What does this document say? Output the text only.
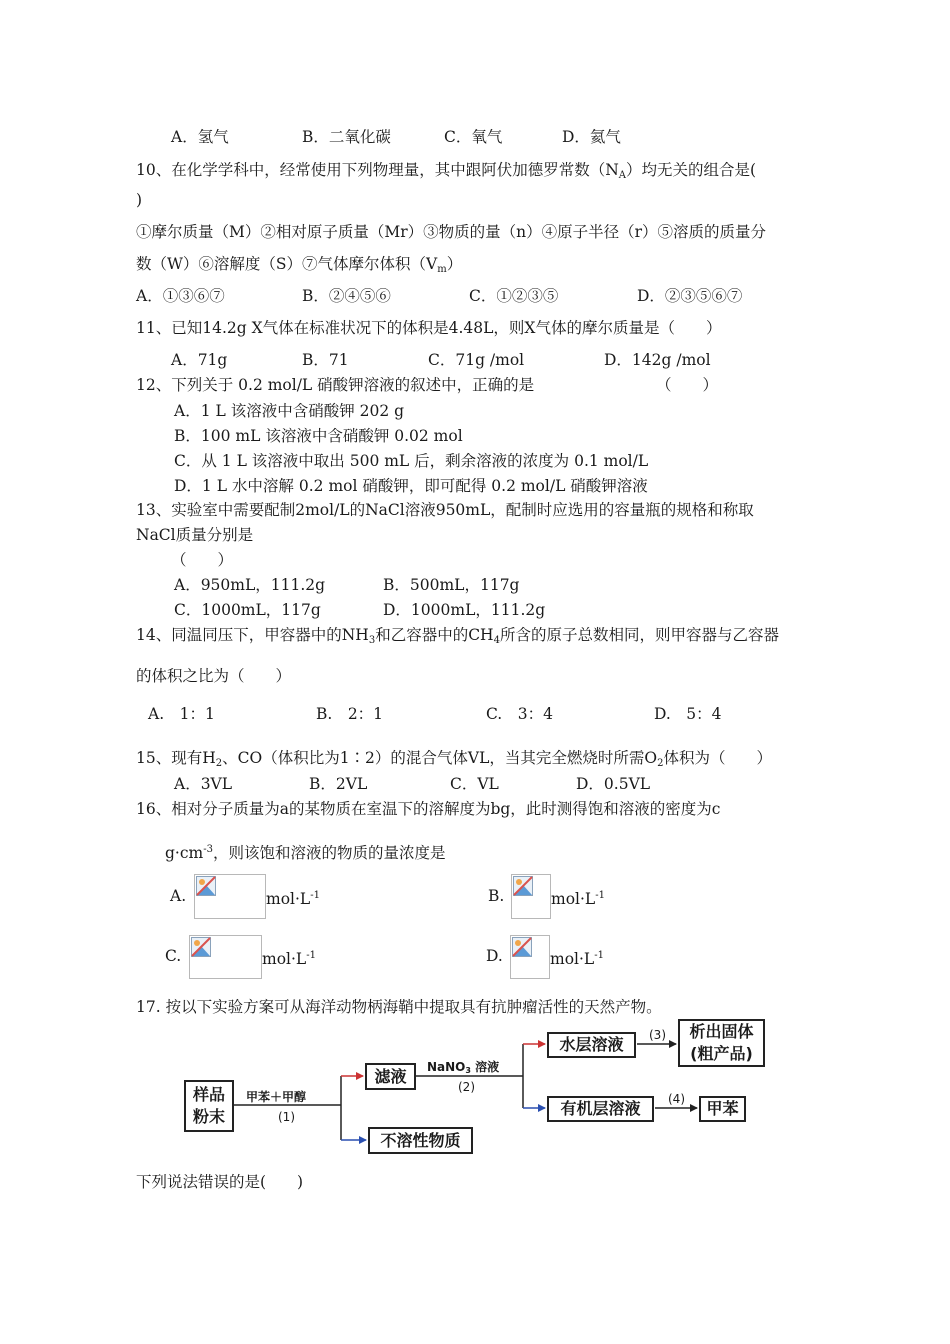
A．氢气	B．二氧化碳	C．氧气	D．氦气
10、在化学学科中，经常使用下列物理量，其中跟阿伏加德罗常数$(N_A)$均无关的组合是(
)
①摩尔质量（M）②相对原子质量（Mr）③物质的量（n）④原子半径（r）⑤溶质的质量分
数（W）⑥溶解度（S）⑦气体摩尔体积$(V_m)$
A．①③⑥⑦	B．②④⑤⑥	C．①②③⑤	D．②③⑤⑥⑦
11、已知14.2g X气体在标准状况下的体积是4.48L，则X气体的摩尔质量是（　　）
A．71g	B．71	C．71g /mol	D．142g /mol
12、下列关于 0.2 mol/L 硝酸钾溶液的叙述中，正确的是	（　　）
A．1 L 该溶液中含硝酸钾 202 g
B．100 mL 该溶液中含硝酸钾 0.02 mol
C．从 1 L 该溶液中取出 500 mL 后，剩余溶液的浓度为 0.1 mol/L
D．1 L 水中溶解 0.2 mol 硝酸钾，即可配得 0.2 mol/L 硝酸钾溶液
13、实验室中需要配制2mol/L的NaCl溶液950mL，配制时应选用的容量瓶的规格和称取
NaCl质量分别是
（　　）
A．950mL，111.2g	B．500mL，117g
C．1000mL，117g	D．1000mL，111.2g
14、同温同压下，甲容器中的$NH_3$和乙容器中的$CH_4$所含的原子总数相同，则甲容器与乙容器
的体积之比为（　　）
A.　1：1	B.　2：1	C.　3：4	D.　5：4
15、现有$H_2$、CO（体积比为1∶2）的混合气体VL，当其完全燃烧时所需$O_2$体积为（　　）
A．3VL	B．2VL	C．VL	D．0.5VL
16、相对分子质量为a的某物质在室温下的溶解度为bg，此时测得饱和溶液的密度为c
$g\cdot cm^{-3}$，则该饱和溶液的物质的量浓度是
A.	$mol\cdot L^{-1}$	B.	$mol\cdot L^{-1}$
C.	$mol\cdot L^{-1}$	D.	$mol\cdot L^{-1}$
17. 按以下实验方案可从海洋动物柄海鞘中提取具有抗肿瘤活性的天然产物。
样品
粉末
甲苯＋甲醇
(1)
滤液
不溶性物质
NaNO3 溶液
(2)
水层溶液
有机层溶液
(3)
(4)
析出固体
(粗产品)
甲苯
下列说法错误的是(　　)
